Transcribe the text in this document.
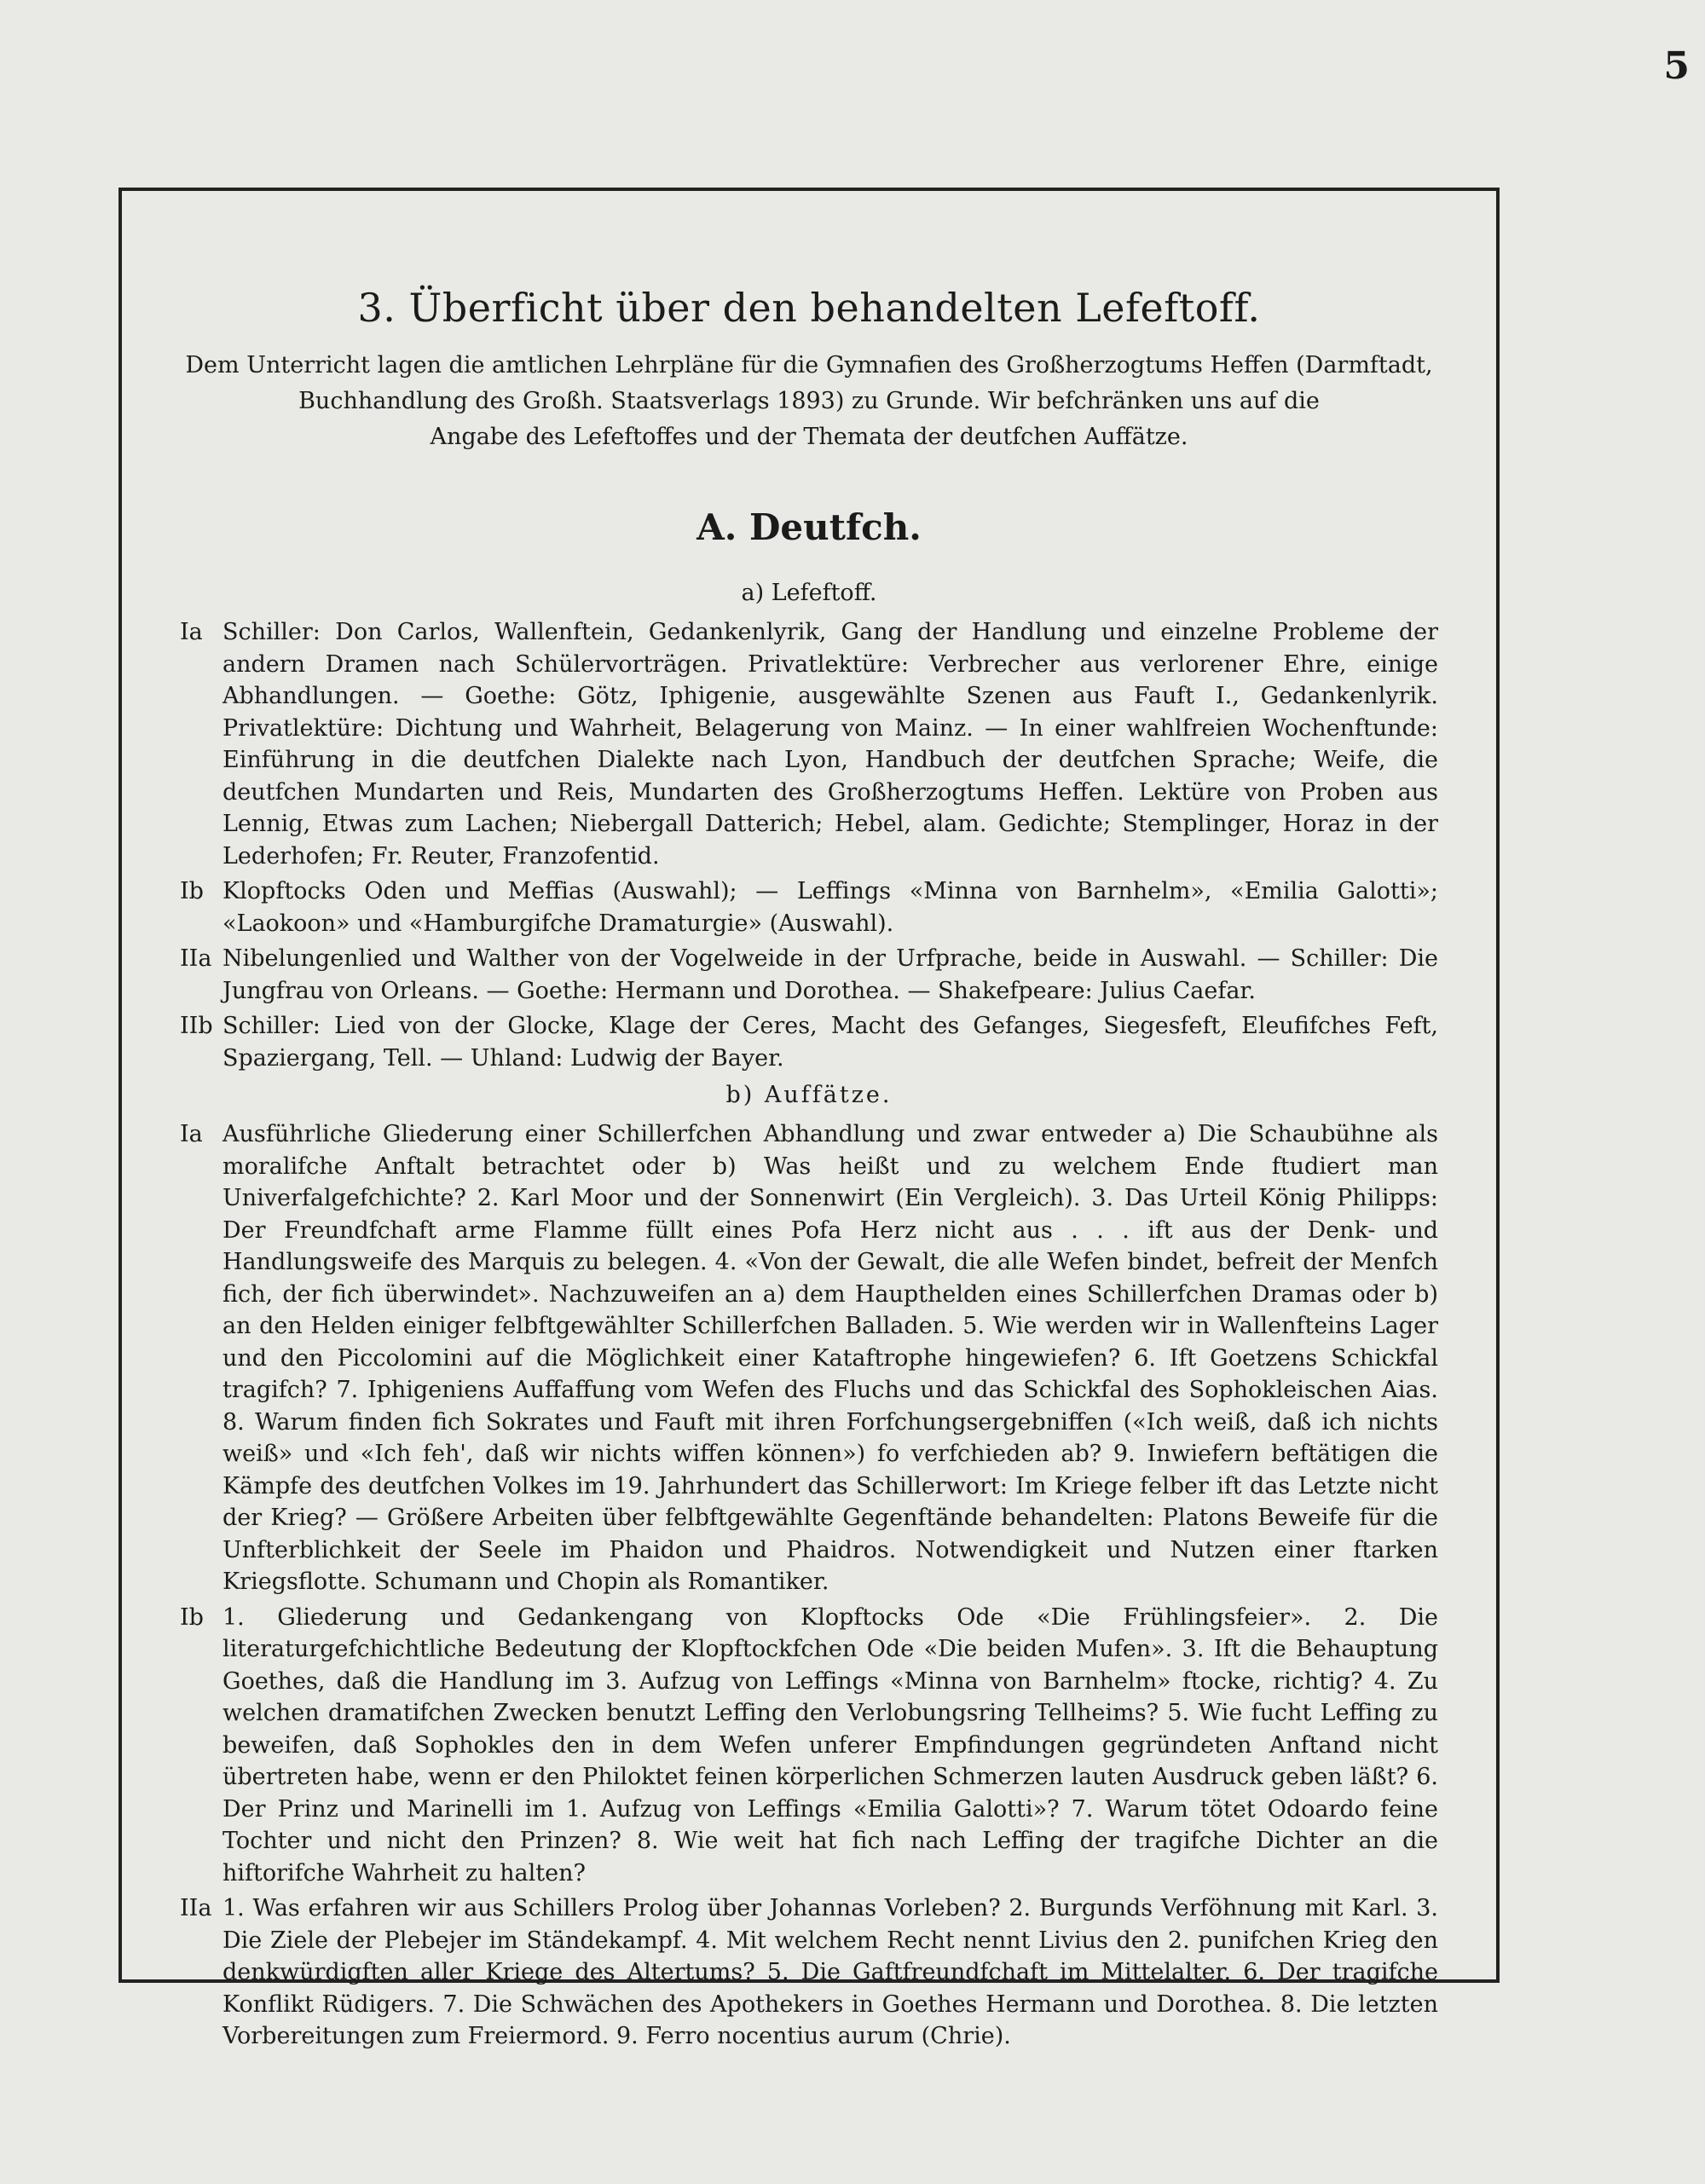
5
3. Überficht über den behandelten Lefeftoff.
Dem Unterricht lagen die amtlichen Lehrpläne für die Gymnafien des Großherzogtums Heffen (Darmftadt,
Buchhandlung des Großh. Staatsverlags 1893) zu Grunde. Wir befchränken uns auf die
Angabe des Lefeftoffes und der Themata der deutfchen Auffätze.
A. Deutfch.
a) Lefeftoff.
Ia Schiller: Don Carlos, Wallenftein, Gedankenlyrik, Gang der Handlung und einzelne Probleme der andern Dramen nach Schülervorträgen. Privatlektüre: Verbrecher aus verlorener Ehre, einige Abhandlungen. — Goethe: Götz, Iphigenie, ausgewählte Szenen aus Fauft I., Gedankenlyrik. Privatlektüre: Dichtung und Wahrheit, Belagerung von Mainz. — In einer wahlfreien Wochenftunde: Einführung in die deutfchen Dialekte nach Lyon, Handbuch der deutfchen Sprache; Weife, die deutfchen Mundarten und Reis, Mundarten des Großherzogtums Heffen. Lektüre von Proben aus Lennig, Etwas zum Lachen; Niebergall Datterich; Hebel, alam. Gedichte; Stemplinger, Horaz in der Lederhofen; Fr. Reuter, Franzofentid.
Ib Klopftocks Oden und Meffias (Auswahl); — Leffings «Minna von Barnhelm», «Emilia Galotti»; «Laokoon» und «Hamburgifche Dramaturgie» (Auswahl).
IIa Nibelungenlied und Walther von der Vogelweide in der Urfprache, beide in Auswahl. — Schiller: Die Jungfrau von Orleans. — Goethe: Hermann und Dorothea. — Shakefpeare: Julius Caefar.
IIb Schiller: Lied von der Glocke, Klage der Ceres, Macht des Gefanges, Siegesfeft, Eleufifches Feft, Spaziergang, Tell. — Uhland: Ludwig der Bayer.
b) Auffätze.
Ia Ausführliche Gliederung einer Schillerfchen Abhandlung und zwar entweder a) Die Schaubühne als moralifche Anftalt betrachtet oder b) Was heißt und zu welchem Ende ftudiert man Univerfalgefchichte? 2. Karl Moor und der Sonnenwirt (Ein Vergleich). 3. Das Urteil König Philipps: Der Freundfchaft arme Flamme füllt eines Pofa Herz nicht aus . . . ift aus der Denk- und Handlungsweife des Marquis zu belegen. 4. «Von der Gewalt, die alle Wefen bindet, befreit der Menfch fich, der fich überwindet». Nachzuweifen an a) dem Haupthelden eines Schillerfchen Dramas oder b) an den Helden einiger felbftgewählter Schillerfchen Balladen. 5. Wie werden wir in Wallenfteins Lager und den Piccolomini auf die Möglichkeit einer Kataftrophe hingewiefen? 6. Ift Goetzens Schickfal tragifch? 7. Iphigeniens Auffaffung vom Wefen des Fluchs und das Schickfal des Sophokleischen Aias. 8. Warum finden fich Sokrates und Fauft mit ihren Forfchungsergebniffen («Ich weiß, daß ich nichts weiß» und «Ich feh', daß wir nichts wiffen können») fo verfchieden ab? 9. Inwiefern beftätigen die Kämpfe des deutfchen Volkes im 19. Jahrhundert das Schillerwort: Im Kriege felber ift das Letzte nicht der Krieg? — Größere Arbeiten über felbftgewählte Gegenftände behandelten: Platons Beweife für die Unfterblichkeit der Seele im Phaidon und Phaidros. Notwendigkeit und Nutzen einer ftarken Kriegsflotte. Schumann und Chopin als Romantiker.
Ib 1. Gliederung und Gedankengang von Klopftocks Ode «Die Frühlingsfeier». 2. Die literaturgefchichtliche Bedeutung der Klopftockfchen Ode «Die beiden Mufen». 3. Ift die Behauptung Goethes, daß die Handlung im 3. Aufzug von Leffings «Minna von Barnhelm» ftocke, richtig? 4. Zu welchen dramatifchen Zwecken benutzt Leffing den Verlobungsring Tellheims? 5. Wie fucht Leffing zu beweifen, daß Sophokles den in dem Wefen unferer Empfindungen gegründeten Anftand nicht übertreten habe, wenn er den Philoktet feinen körperlichen Schmerzen lauten Ausdruck geben läßt? 6. Der Prinz und Marinelli im 1. Aufzug von Leffings «Emilia Galotti»? 7. Warum tötet Odoardo feine Tochter und nicht den Prinzen? 8. Wie weit hat fich nach Leffing der tragifche Dichter an die hiftorifche Wahrheit zu halten?
IIa 1. Was erfahren wir aus Schillers Prolog über Johannas Vorleben? 2. Burgunds Verföhnung mit Karl. 3. Die Ziele der Plebejer im Ständekampf. 4. Mit welchem Recht nennt Livius den 2. punifchen Krieg den denkwürdigften aller Kriege des Altertums? 5. Die Gaftfreundfchaft im Mittelalter. 6. Der tragifche Konflikt Rüdigers. 7. Die Schwächen des Apothekers in Goethes Hermann und Dorothea. 8. Die letzten Vorbereitungen zum Freiermord. 9. Ferro nocentius aurum (Chrie).
